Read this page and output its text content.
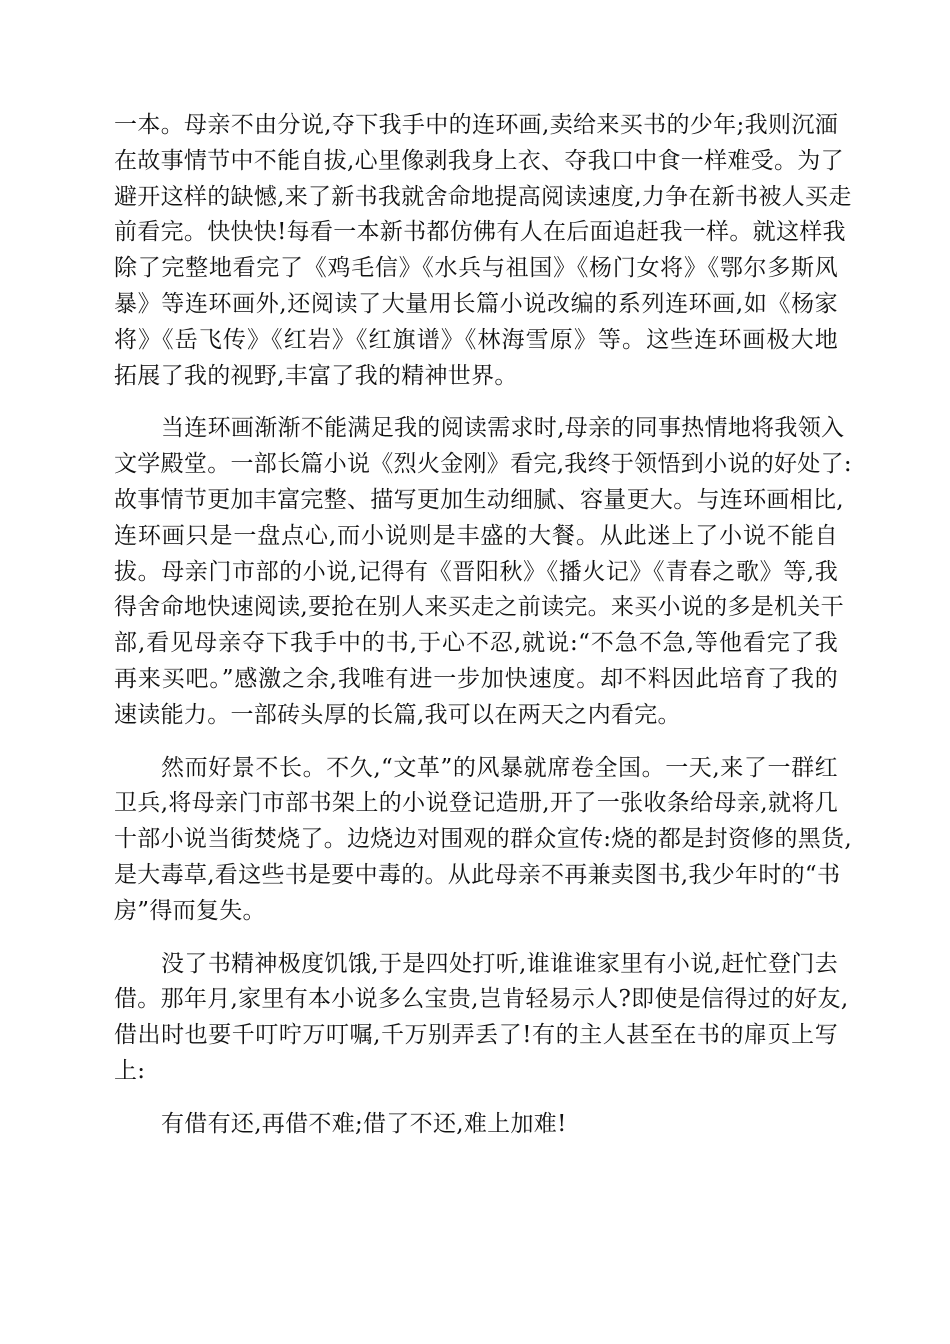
一本。母亲不由分说,夺下我手中的连环画,卖给来买书的少年;我则沉湎
在故事情节中不能自拔,心里像剥我身上衣、夺我口中食一样难受。为了
避开这样的缺憾,来了新书我就舍命地提高阅读速度,力争在新书被人买走
前看完。快快快!每看一本新书都仿佛有人在后面追赶我一样。就这样我
除了完整地看完了《鸡毛信》《水兵与祖国》《杨门女将》《鄂尔多斯风
暴》等连环画外,还阅读了大量用长篇小说改编的系列连环画,如《杨家
将》《岳飞传》《红岩》《红旗谱》《林海雪原》等。这些连环画极大地
拓展了我的视野,丰富了我的精神世界。
当连环画渐渐不能满足我的阅读需求时,母亲的同事热情地将我领入
文学殿堂。一部长篇小说《烈火金刚》看完,我终于领悟到小说的好处了:
故事情节更加丰富完整、描写更加生动细腻、容量更大。与连环画相比,
连环画只是一盘点心,而小说则是丰盛的大餐。从此迷上了小说不能自
拔。母亲门市部的小说,记得有《晋阳秋》《播火记》《青春之歌》等,我
得舍命地快速阅读,要抢在别人来买走之前读完。来买小说的多是机关干
部,看见母亲夺下我手中的书,于心不忍,就说:“不急不急,等他看完了我
再来买吧。”感激之余,我唯有进一步加快速度。却不料因此培育了我的
速读能力。一部砖头厚的长篇,我可以在两天之内看完。
然而好景不长。不久,“文革”的风暴就席卷全国。一天,来了一群红
卫兵,将母亲门市部书架上的小说登记造册,开了一张收条给母亲,就将几
十部小说当街焚烧了。边烧边对围观的群众宣传:烧的都是封资修的黑货,
是大毒草,看这些书是要中毒的。从此母亲不再兼卖图书,我少年时的“书
房”得而复失。
没了书精神极度饥饿,于是四处打听,谁谁谁家里有小说,赶忙登门去
借。那年月,家里有本小说多么宝贵,岂肯轻易示人?即使是信得过的好友,
借出时也要千叮咛万叮嘱,千万别弄丢了!有的主人甚至在书的扉页上写
上:
有借有还,再借不难;借了不还,难上加难!
